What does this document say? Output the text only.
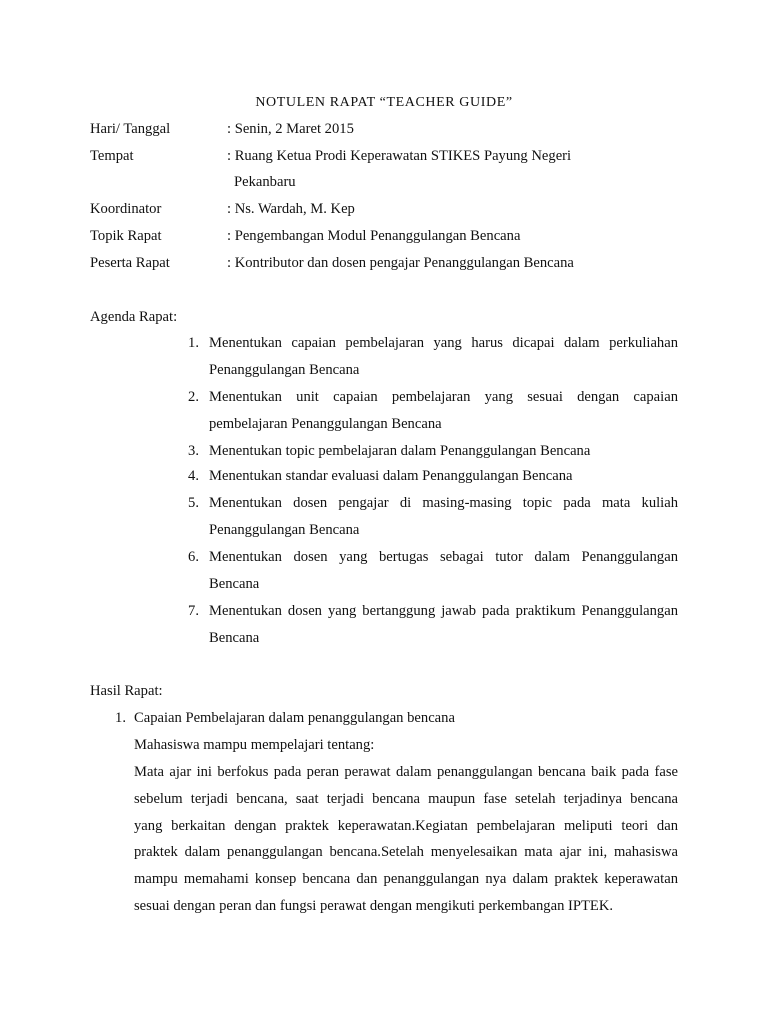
NOTULEN RAPAT “TEACHER GUIDE”
Hari/ Tanggal	: Senin, 2 Maret 2015
Tempat	: Ruang Ketua Prodi Keperawatan STIKES Payung Negeri
Pekanbaru
Koordinator	: Ns. Wardah, M. Kep
Topik Rapat	: Pengembangan Modul Penanggulangan Bencana
Peserta Rapat	: Kontributor dan dosen pengajar Penanggulangan Bencana
Agenda Rapat:
1. Menentukan capaian pembelajaran yang harus dicapai dalam perkuliahan
Penanggulangan Bencana
2. Menentukan unit capaian pembelajaran yang sesuai dengan capaian
pembelajaran Penanggulangan Bencana
3. Menentukan topic pembelajaran dalam Penanggulangan Bencana
4. Menentukan standar evaluasi dalam Penanggulangan Bencana
5. Menentukan dosen pengajar di masing-masing topic pada mata kuliah
Penanggulangan Bencana
6. Menentukan dosen yang bertugas sebagai tutor dalam Penanggulangan
Bencana
7. Menentukan dosen yang bertanggung jawab pada praktikum Penanggulangan
Bencana
Hasil Rapat:
1. Capaian Pembelajaran dalam penanggulangan bencana
Mahasiswa mampu mempelajari tentang:
Mata ajar ini berfokus pada peran perawat dalam penanggulangan bencana baik pada fase
sebelum terjadi bencana, saat terjadi bencana maupun fase setelah terjadinya bencana
yang berkaitan dengan praktek keperawatan.Kegiatan pembelajaran meliputi teori dan
praktek dalam penanggulangan bencana.Setelah menyelesaikan mata ajar ini, mahasiswa
mampu memahami konsep bencana dan penanggulangan nya dalam praktek keperawatan
sesuai dengan peran dan fungsi perawat dengan mengikuti perkembangan IPTEK.
